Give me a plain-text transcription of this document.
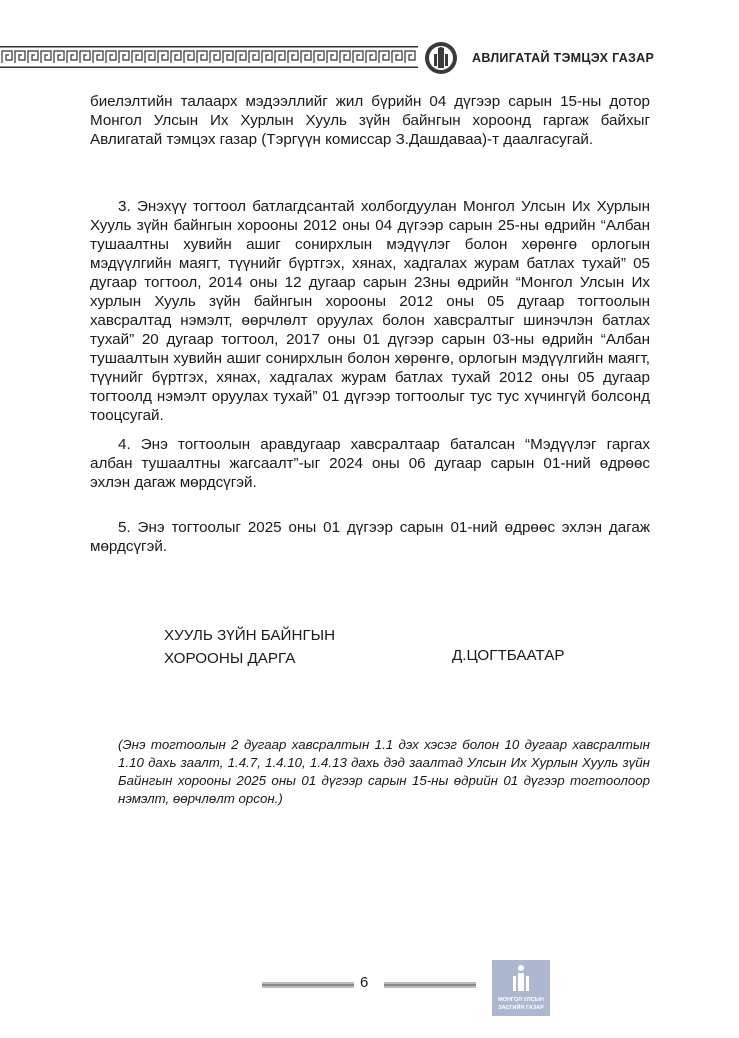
АВЛИГАТАЙ ТЭМЦЭХ ГАЗАР

биелэлтийн талаарх мэдээллийг жил бүрийн 04 дүгээр сарын 15-ны дотор Монгол Улсын Их Хурлын Хууль зүйн байнгын хороонд гаргаж байхыг Авлигатай тэмцэх газар (Тэргүүн комиссар З.Дашдаваа)-т даалгасугай.

3. Энэхүү тогтоол батлагдсантай холбогдуулан Монгол Улсын Их Хурлын Хууль зүйн байнгын хорооны 2012 оны 04 дүгээр сарын 25-ны өдрийн “Албан тушаалтны хувийн ашиг сонирхлын мэдүүлэг болон хөрөнгө орлогын мэдүүлгийн маягт, түүнийг бүртгэх, хянах, хадгалах журам батлах тухай” 05 дугаар тогтоол, 2014 оны 12 дугаар сарын 23ны өдрийн “Монгол Улсын Их хурлын Хууль зүйн байнгын хорооны 2012 оны 05 дугаар тогтоолын хавсралтад нэмэлт, өөрчлөлт оруулах болон хавсралтыг шинэчлэн батлах тухай” 20 дугаар тогтоол, 2017 оны 01 дүгээр сарын 03-ны өдрийн “Албан тушаалтын хувийн ашиг сонирхлын болон хөрөнгө, орлогын мэдүүлгийн маягт, түүнийг бүртгэх, хянах, хадгалах журам батлах тухай 2012 оны 05 дугаар тогтоолд нэмэлт оруулах тухай” 01 дүгээр тогтоолыг тус тус хүчингүй болсонд тооцсугай.

4. Энэ тогтоолын аравдугаар хавсралтаар баталсан “Мэдүүлэг гаргах албан тушаалтны жагсаалт”-ыг 2024 оны 06 дугаар сарын 01-ний өдрөөс эхлэн дагаж мөрдсүгэй.

5. Энэ тогтоолыг 2025 оны 01 дүгээр сарын 01-ний өдрөөс эхлэн дагаж мөрдсүгэй.

ХУУЛЬ ЗҮЙН БАЙНГЫН
ХОРООНЫ ДАРГА	Д.ЦОГТБААТАР
(Энэ тогтоолын 2 дугаар хавсралтын 1.1 дэх хэсэг болон 10 дугаар хавсралтын 1.10 дахь заалт, 1.4.7, 1.4.10, 1.4.13 дахь дэд заалтад Улсын Их Хурлын Хууль зүйн Байнгын хорооны 2025 оны 01 дүгээр сарын 15-ны өдрийн 01 дүгээр тогтоолоор нэмэлт, өөрчлөлт орсон.)
6
МОНГОЛ УЛСЫН
ЗАСГИЙН ГАЗАР
